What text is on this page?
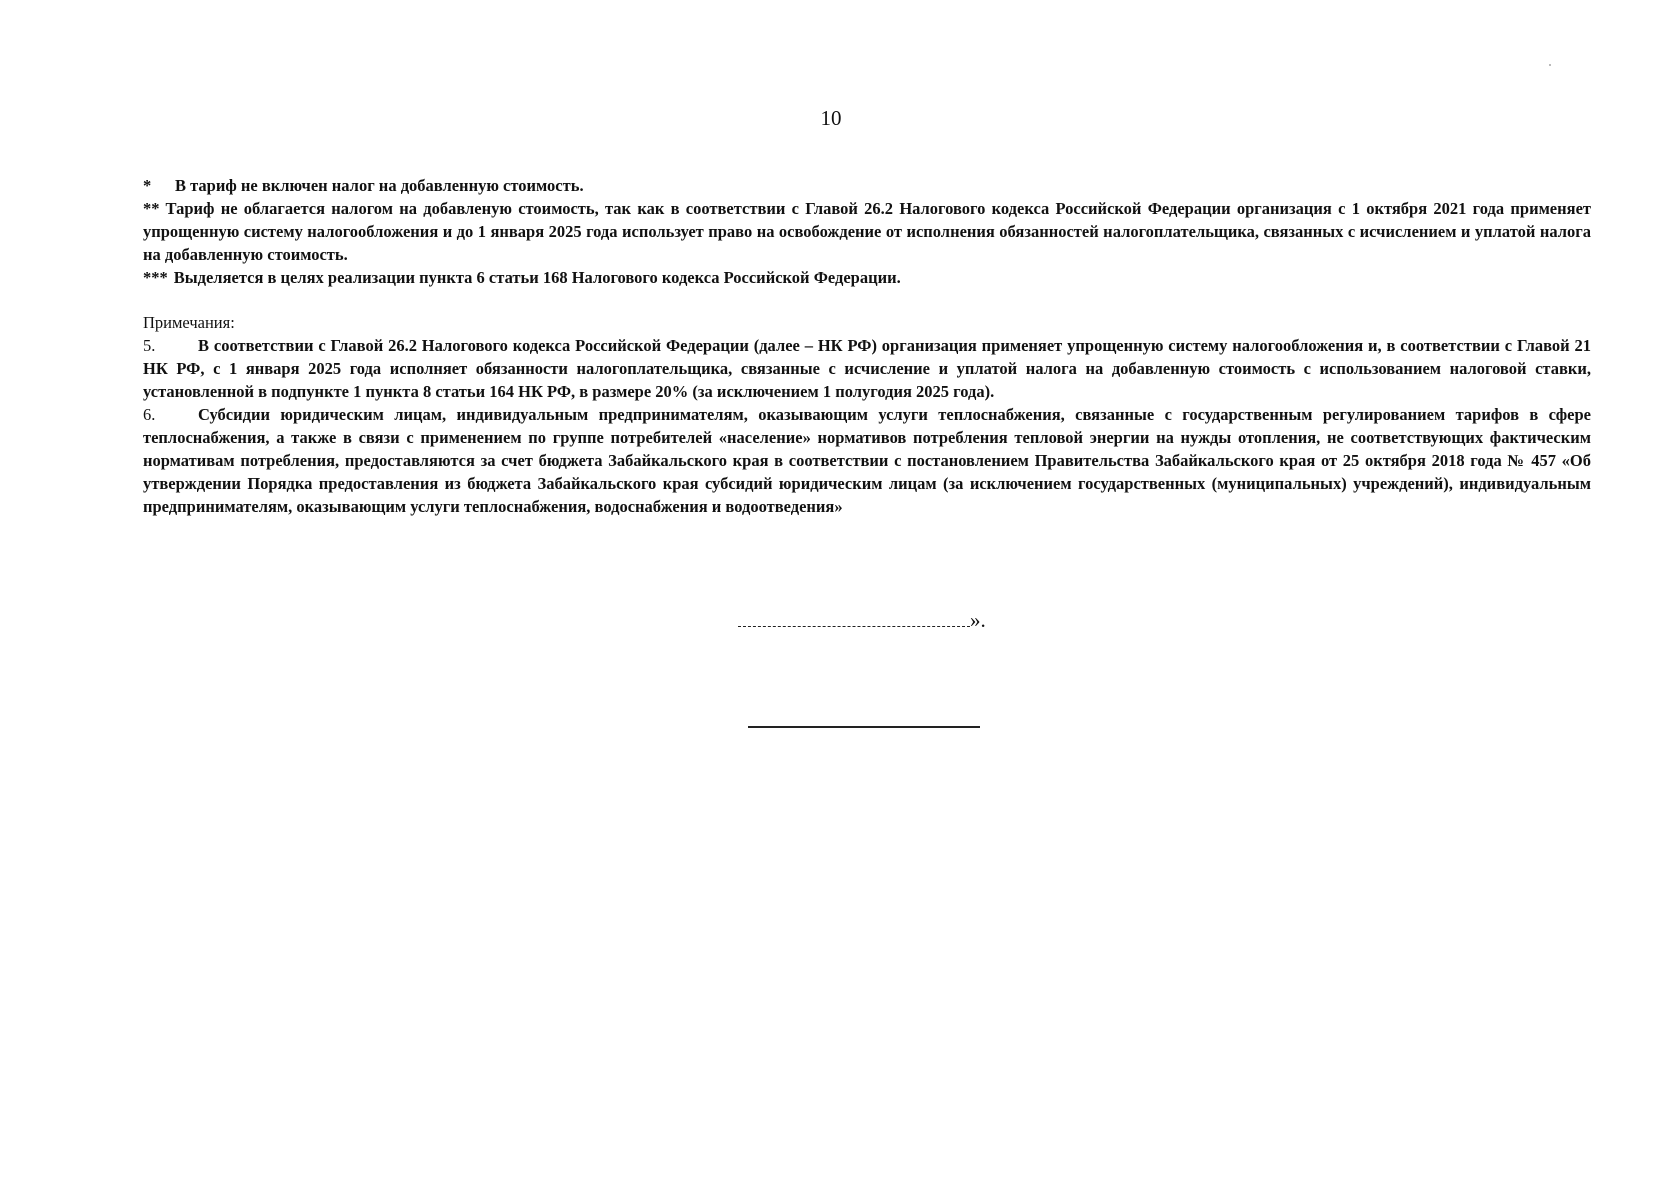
10

* В тариф не включен налог на добавленную стоимость.

** Тариф не облагается налогом на добавленую стоимость, так как в соответствии с Главой 26.2 Налогового кодекса Российской Федерации организация с 1 октября 2021 года применяет упрощенную систему налогообложения и до 1 января 2025 года использует право на освобождение от исполнения обязанностей налогоплательщика, связанных с исчислением и уплатой налога на добавленную стоимость.

*** Выделяется в целях реализации пункта 6 статьи 168 Налогового кодекса Российской Федерации.

Примечания:

5.	В соответствии с Главой 26.2 Налогового кодекса Российской Федерации (далее – НК РФ) организация применяет упрощенную систему налогообложения и, в соответствии с Главой 21 НК РФ, с 1 января 2025 года исполняет обязанности налогоплательщика, связанные с исчисление и уплатой налога на добавленную стоимость с использованием налоговой ставки, установленной в подпункте 1 пункта 8 статьи 164 НК РФ, в размере 20% (за исключением 1 полугодия 2025 года).

6.	Субсидии юридическим лицам, индивидуальным предпринимателям, оказывающим услуги теплоснабжения, связанные с государственным регулированием тарифов в сфере теплоснабжения, а также в связи с применением по группе потребителей «население» нормативов потребления тепловой энергии на нужды отопления, не соответствующих фактическим нормативам потребления, предоставляются за счет бюджета Забайкальского края в соответствии с постановлением Правительства Забайкальского края от 25 октября 2018 года № 457 «Об утверждении Порядка предоставления из бюджета Забайкальского края субсидий юридическим лицам (за исключением государственных (муниципальных) учреждений), индивидуальным предпринимателям, оказывающим услуги теплоснабжения, водоснабжения и водоотведения»

».
